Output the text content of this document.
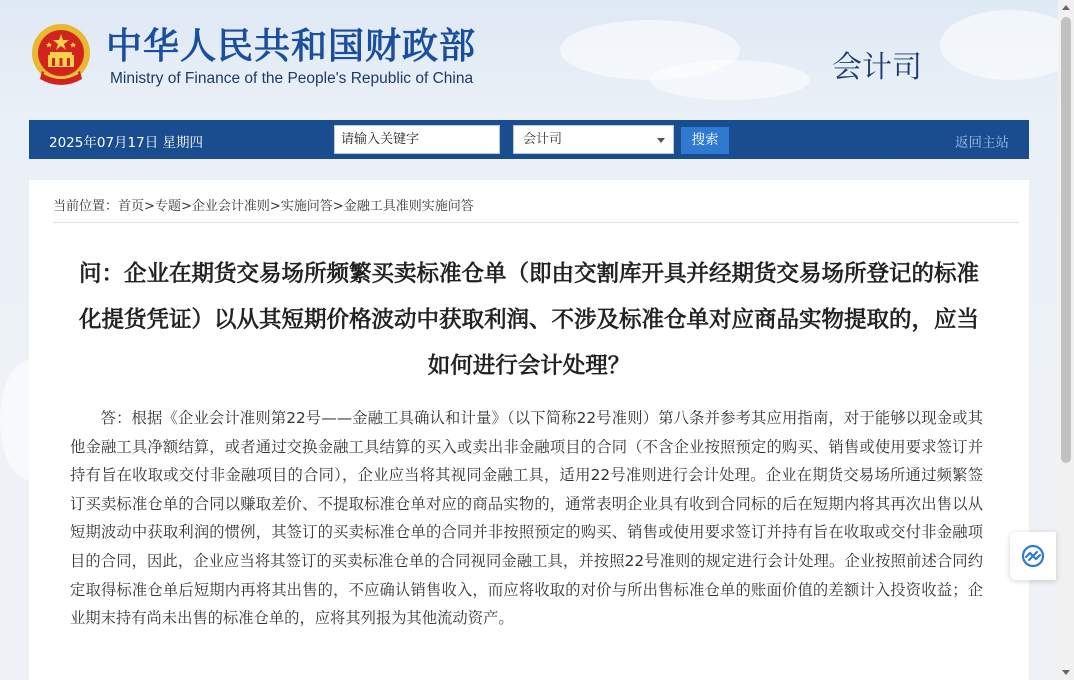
中华人民共和国财政部
Ministry of Finance of the People's Republic of China	会计司
2025年07月17日 星期四
请输入关键字	会计司	搜索	返回主站
当前位置：首页>专题>企业会计准则>实施问答>金融工具准则实施问答
问：企业在期货交易场所频繁买卖标准仓单（即由交割库开具并经期货交易场所登记的标准化提货凭证）以从其短期价格波动中获取利润、不涉及标准仓单对应商品实物提取的，应当如何进行会计处理？

答：根据《企业会计准则第22号——金融工具确认和计量》（以下简称22号准则）第八条并参考其应用指南，对于能够以现金或其他金融工具净额结算，或者通过交换金融工具结算的买入或卖出非金融项目的合同（不含企业按照预定的购买、销售或使用要求签订并持有旨在收取或交付非金融项目的合同），企业应当将其视同金融工具，适用22号准则进行会计处理。企业在期货交易场所通过频繁签订买卖标准仓单的合同以赚取差价、不提取标准仓单对应的商品实物的，通常表明企业具有收到合同标的后在短期内将其再次出售以从短期波动中获取利润的惯例，其签订的买卖标准仓单的合同并非按照预定的购买、销售或使用要求签订并持有旨在收取或交付非金融项目的合同，因此，企业应当将其签订的买卖标准仓单的合同视同金融工具，并按照22号准则的规定进行会计处理。企业按照前述合同约定取得标准仓单后短期内再将其出售的，不应确认销售收入，而应将收取的对价与所出售标准仓单的账面价值的差额计入投资收益；企业期末持有尚未出售的标准仓单的，应将其列报为其他流动资产。
